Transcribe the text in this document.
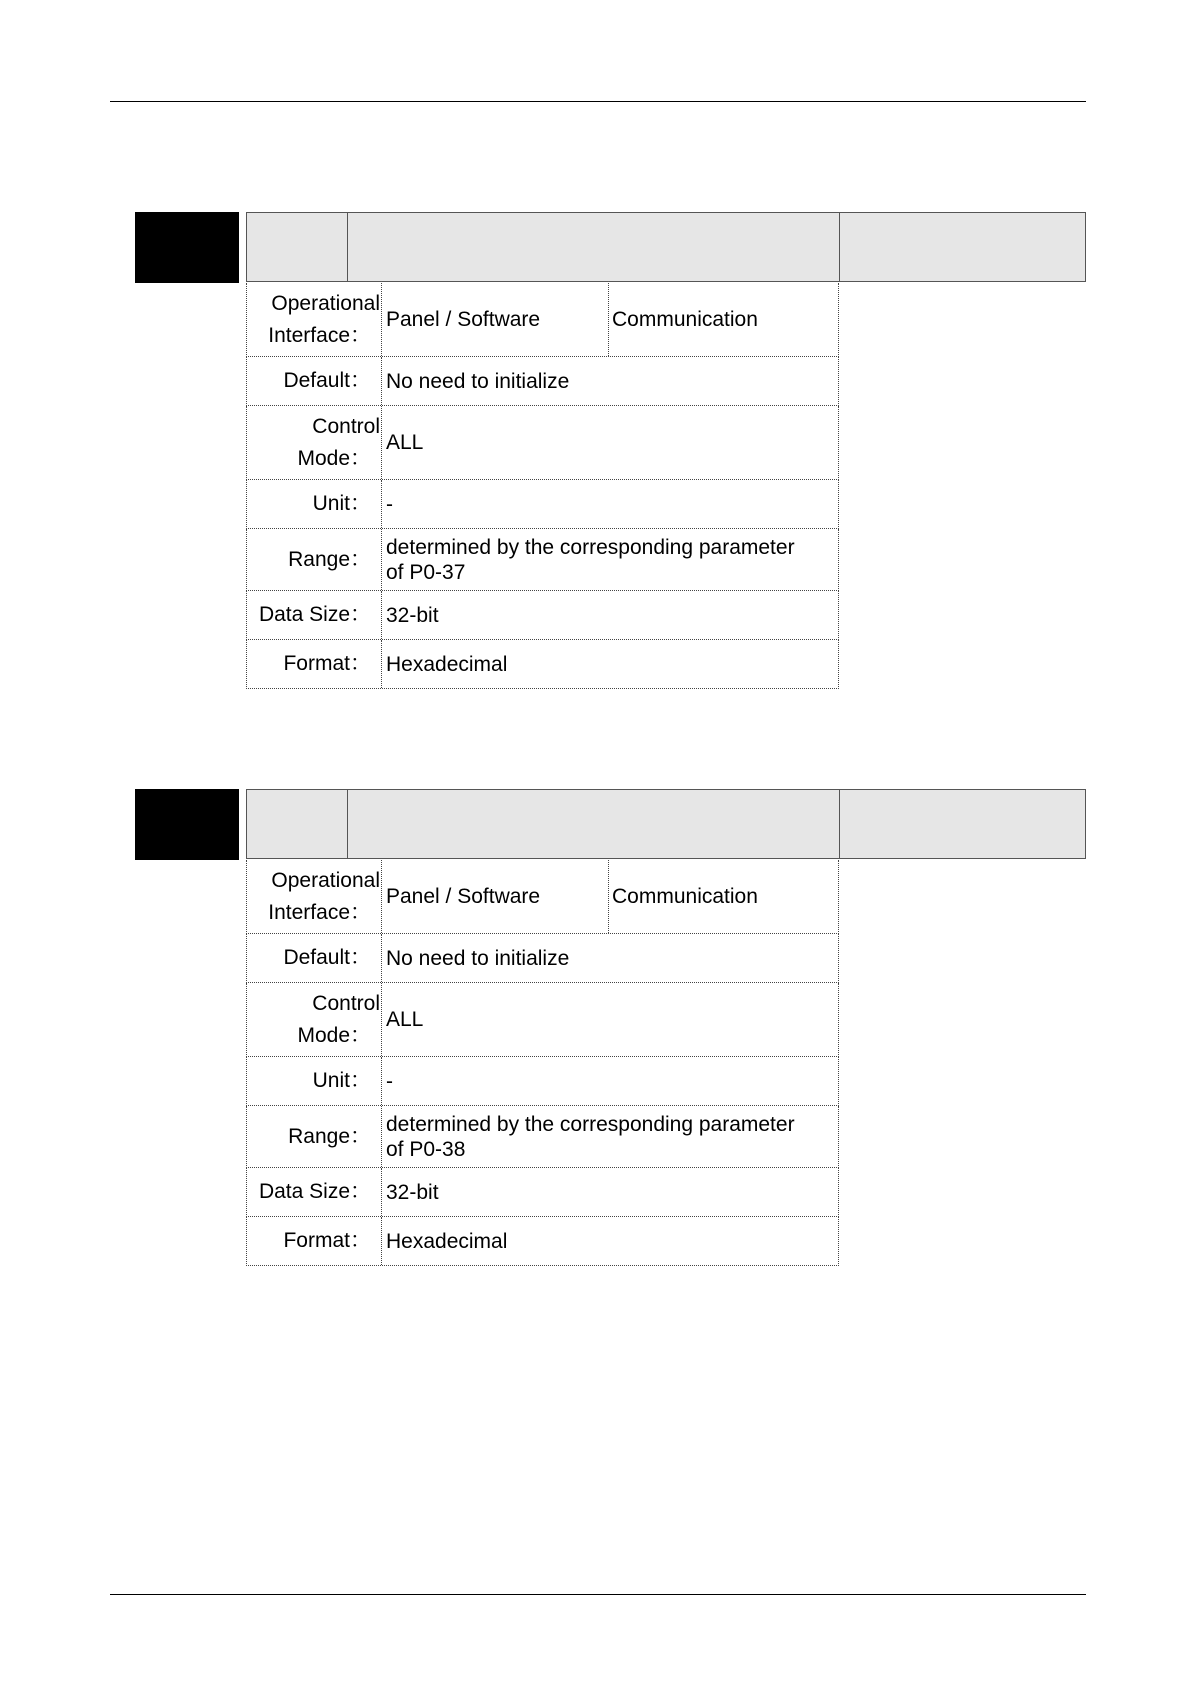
Operational
Interface：
Panel / Software	Communication
Default： No need to initialize
Control
Mode：
ALL
Unit： -
Range：
determined by the corresponding parameter
of P0-37
Data Size： 32-bit
Format： Hexadecimal
Operational
Interface：
Panel / Software	Communication
Default： No need to initialize
Control
Mode：
ALL
Unit： -
Range：
determined by the corresponding parameter
of P0-38
Data Size： 32-bit
Format： Hexadecimal
